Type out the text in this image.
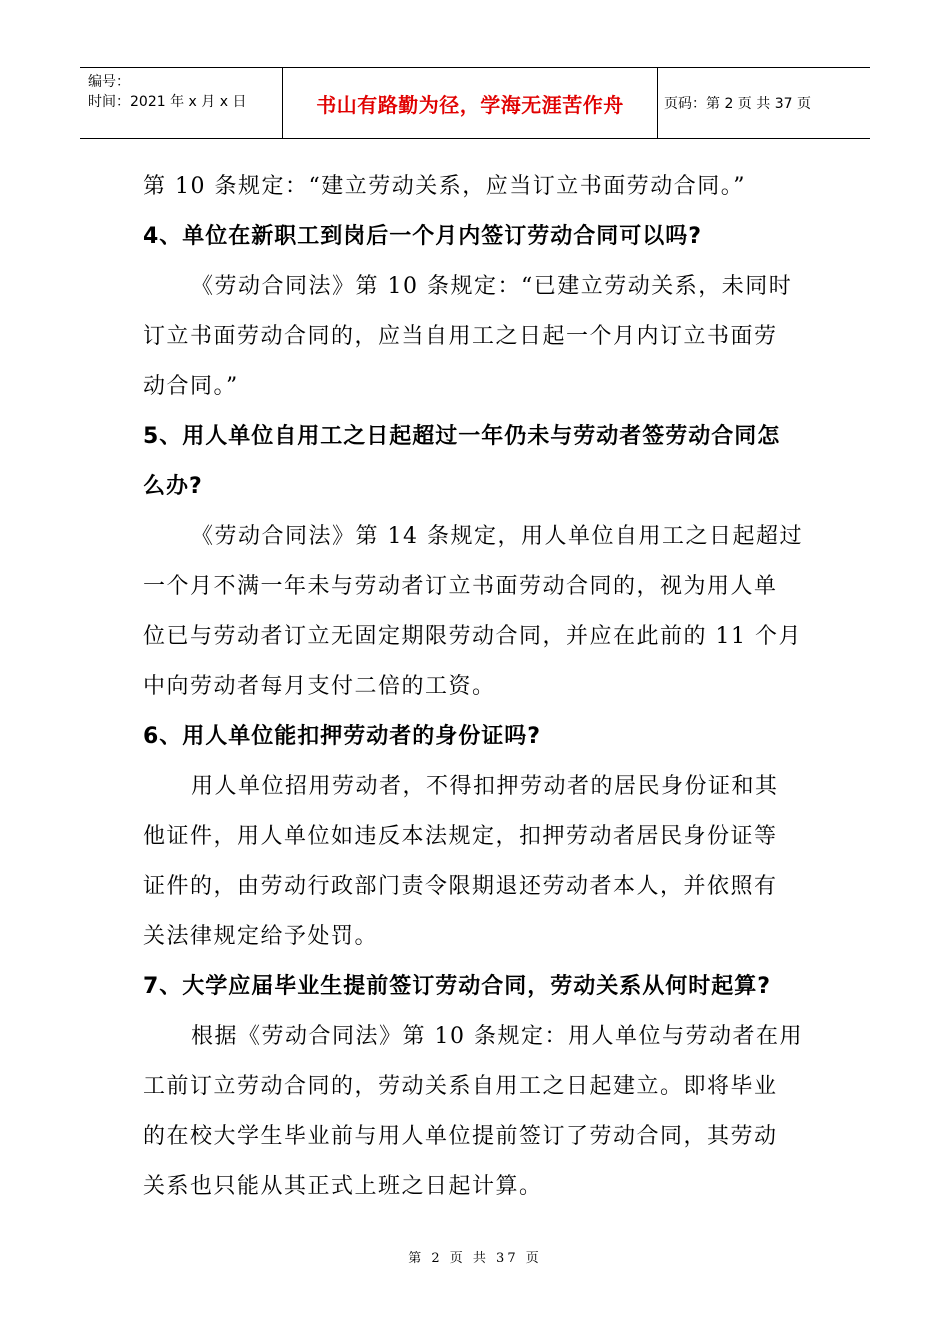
编号：
时间：2021 年 x 月 x 日	书山有路勤为径，学海无涯苦作舟	页码：第 2 页 共 37 页
第 10 条规定：“建立劳动关系，应当订立书面劳动合同。”
4、单位在新职工到岗后一个月内签订劳动合同可以吗?
《劳动合同法》第 10 条规定：“已建立劳动关系，未同时
订立书面劳动合同的，应当自用工之日起一个月内订立书面劳
动合同。”
5、用人单位自用工之日起超过一年仍未与劳动者签劳动合同怎
么办?
《劳动合同法》第 14 条规定，用人单位自用工之日起超过
一个月不满一年未与劳动者订立书面劳动合同的，视为用人单
位已与劳动者订立无固定期限劳动合同，并应在此前的 11 个月
中向劳动者每月支付二倍的工资。
6、用人单位能扣押劳动者的身份证吗?
用人单位招用劳动者，不得扣押劳动者的居民身份证和其
他证件，用人单位如违反本法规定，扣押劳动者居民身份证等
证件的，由劳动行政部门责令限期退还劳动者本人，并依照有
关法律规定给予处罚。
7、大学应届毕业生提前签订劳动合同，劳动关系从何时起算?
根据《劳动合同法》第 10 条规定：用人单位与劳动者在用
工前订立劳动合同的，劳动关系自用工之日起建立。即将毕业
的在校大学生毕业前与用人单位提前签订了劳动合同，其劳动
关系也只能从其正式上班之日起计算。
第 2 页 共 37 页
